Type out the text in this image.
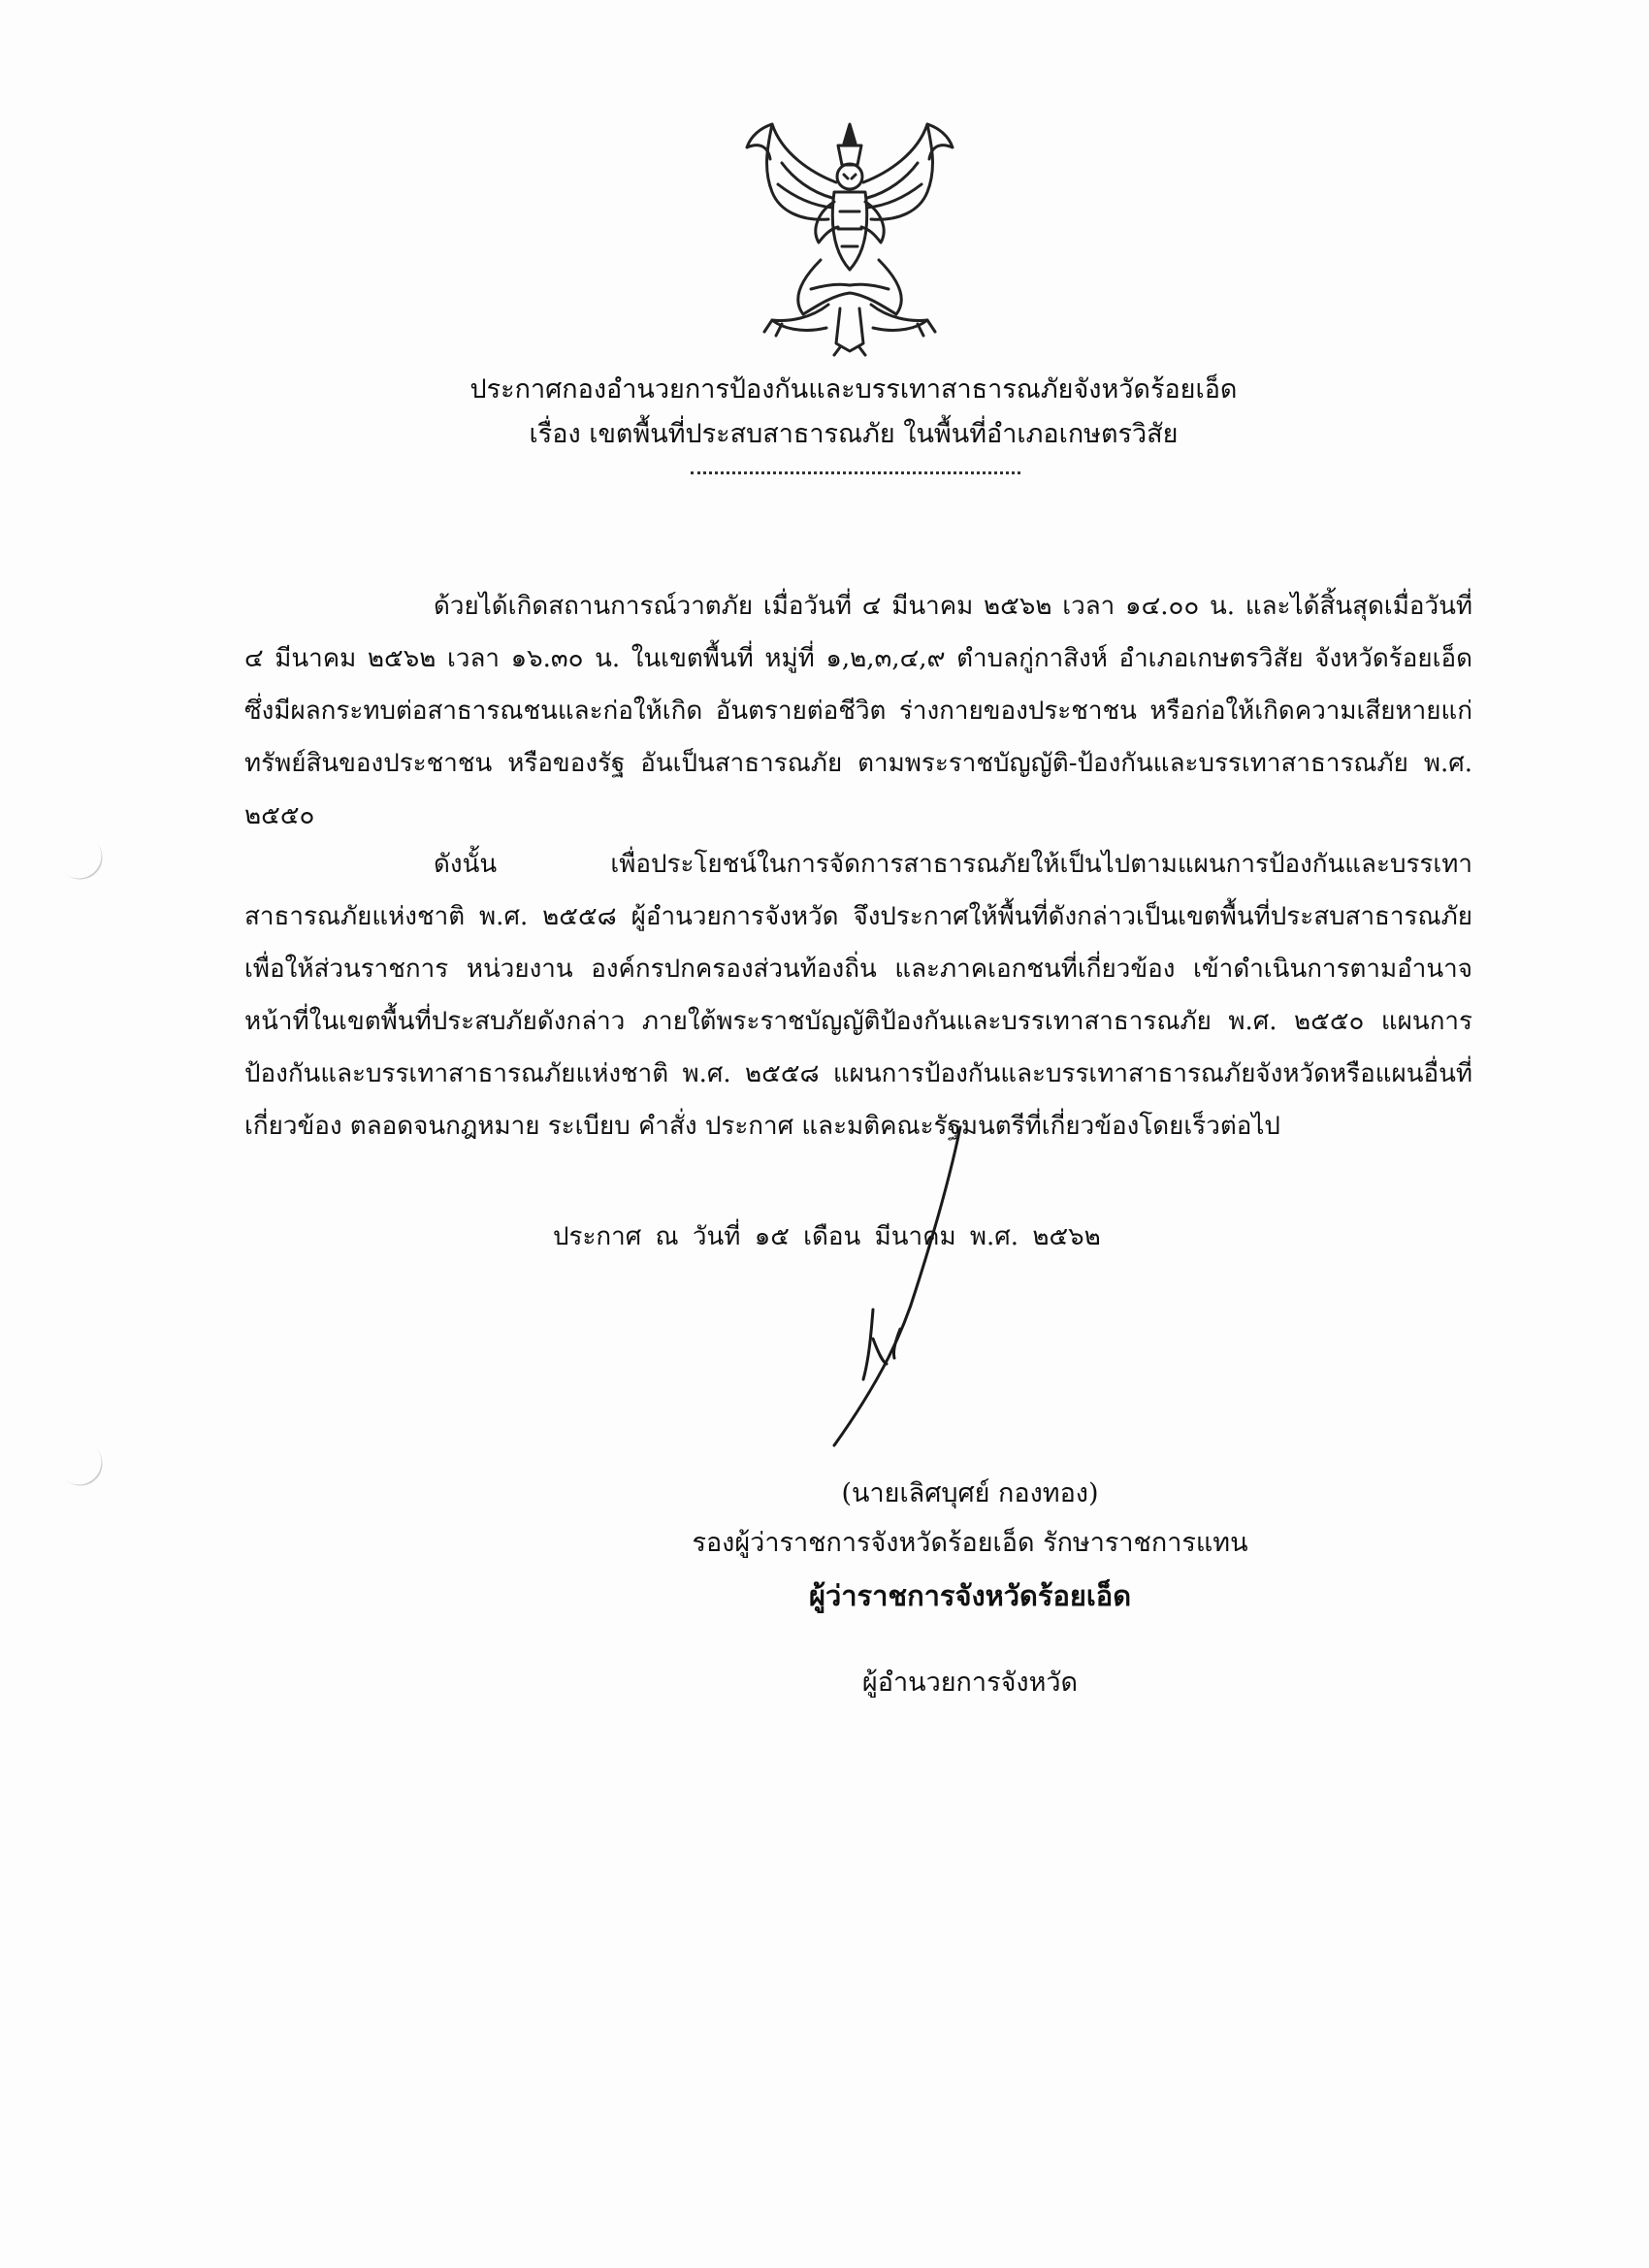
ประกาศกองอำนวยการป้องกันและบรรเทาสาธารณภัยจังหวัดร้อยเอ็ด
เรื่อง เขตพื้นที่ประสบสาธารณภัย ในพื้นที่อำเภอเกษตรวิสัย

ด้วยได้เกิดสถานการณ์วาตภัย เมื่อวันที่ ๔ มีนาคม ๒๕๖๒ เวลา ๑๔.๐๐ น. และได้สิ้นสุดเมื่อวันที่ ๔ มีนาคม ๒๕๖๒ เวลา ๑๖.๓๐ น. ในเขตพื้นที่ หมู่ที่ ๑,๒,๓,๔,๙ ตำบลกู่กาสิงห์ อำเภอเกษตรวิสัย จังหวัดร้อยเอ็ด ซึ่งมีผลกระทบต่อสาธารณชนและก่อให้เกิด อันตรายต่อชีวิต ร่างกายของประชาชน หรือก่อให้เกิดความเสียหายแก่ทรัพย์สินของประชาชน หรือของรัฐ อันเป็นสาธารณภัย ตามพระราชบัญญัติ-ป้องกันและบรรเทาสาธารณภัย พ.ศ. ๒๕๕๐

ดังนั้น เพื่อประโยชน์ในการจัดการสาธารณภัยให้เป็นไปตามแผนการป้องกันและบรรเทาสาธารณภัยแห่งชาติ พ.ศ. ๒๕๕๘ ผู้อำนวยการจังหวัด จึงประกาศให้พื้นที่ดังกล่าวเป็นเขตพื้นที่ประสบสาธารณภัย เพื่อให้ส่วนราชการ หน่วยงาน องค์กรปกครองส่วนท้องถิ่น และภาคเอกชนที่เกี่ยวข้อง เข้าดำเนินการตามอำนาจหน้าที่ในเขตพื้นที่ประสบภัยดังกล่าว ภายใต้พระราชบัญญัติป้องกันและบรรเทาสาธารณภัย พ.ศ. ๒๕๕๐ แผนการป้องกันและบรรเทาสาธารณภัยแห่งชาติ พ.ศ. ๒๕๕๘ แผนการป้องกันและบรรเทาสาธารณภัยจังหวัดหรือแผนอื่นที่เกี่ยวข้อง ตลอดจนกฎหมาย ระเบียบ คำสั่ง ประกาศ และมติคณะรัฐมนตรีที่เกี่ยวข้องโดยเร็วต่อไป

ประกาศ ณ วันที่ ๑๕ เดือน มีนาคม พ.ศ. ๒๕๖๒
(นายเลิศบุศย์ กองทอง)
รองผู้ว่าราชการจังหวัดร้อยเอ็ด รักษาราชการแทน
ผู้ว่าราชการจังหวัดร้อยเอ็ด
ผู้อำนวยการจังหวัด
